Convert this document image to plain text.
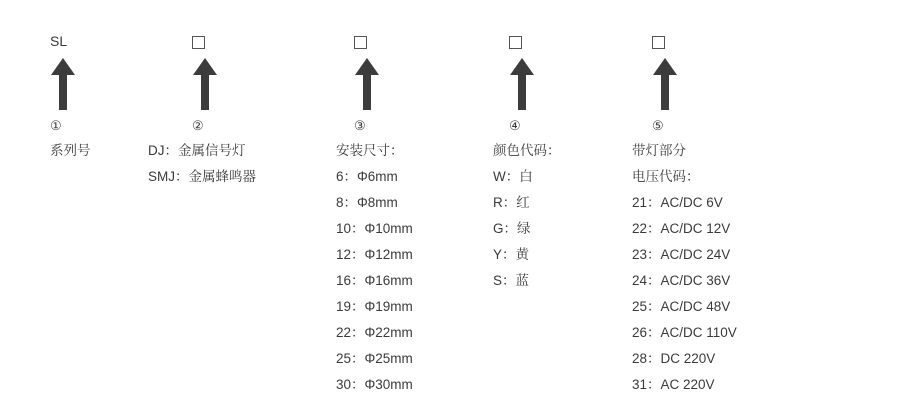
SL
①
系列号
②
DJ：金属信号灯
SMJ：金属蜂鸣器
③
安装尺寸：
6：Φ6mm
8：Φ8mm
10：Φ10mm
12：Φ12mm
16：Φ16mm
19：Φ19mm
22：Φ22mm
25：Φ25mm
30：Φ30mm
④
颜色代码：
W：白
R：红
G：绿
Y：黄
S：蓝
⑤
带灯部分
电压代码：
21：AC/DC 6V
22：AC/DC 12V
23：AC/DC 24V
24：AC/DC 36V
25：AC/DC 48V
26：AC/DC 110V
28：DC 220V
31：AC 220V
